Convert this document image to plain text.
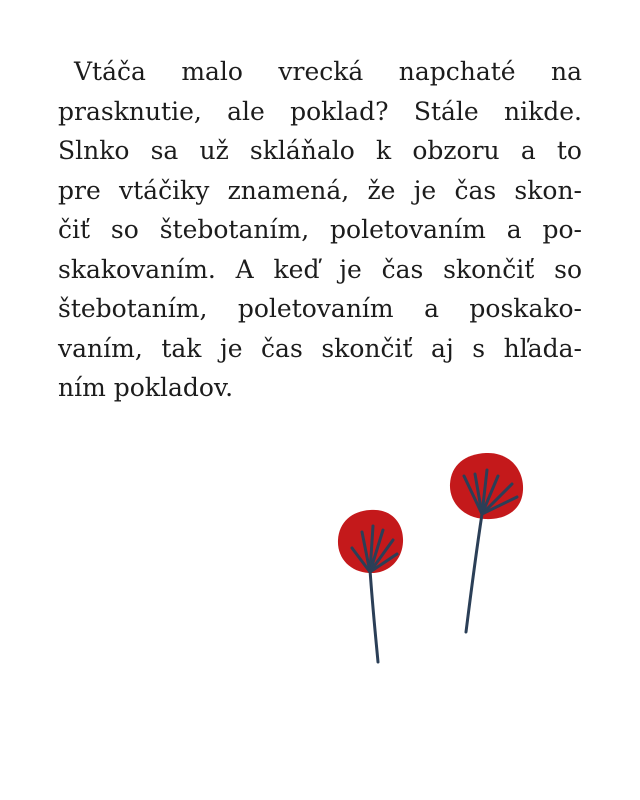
Vtáča malo vrecká napchaté na
prasknutie, ale poklad? Stále nikde.
Slnko sa už skláňalo k obzoru a to
pre vtáčiky znamená, že je čas skon-
čiť so štebotaním, poletovaním a po-
skakovaním. A keď je čas skončiť so
štebotaním, poletovaním a poskako-
vaním, tak je čas skončiť aj s hľada-
ním pokladov.
